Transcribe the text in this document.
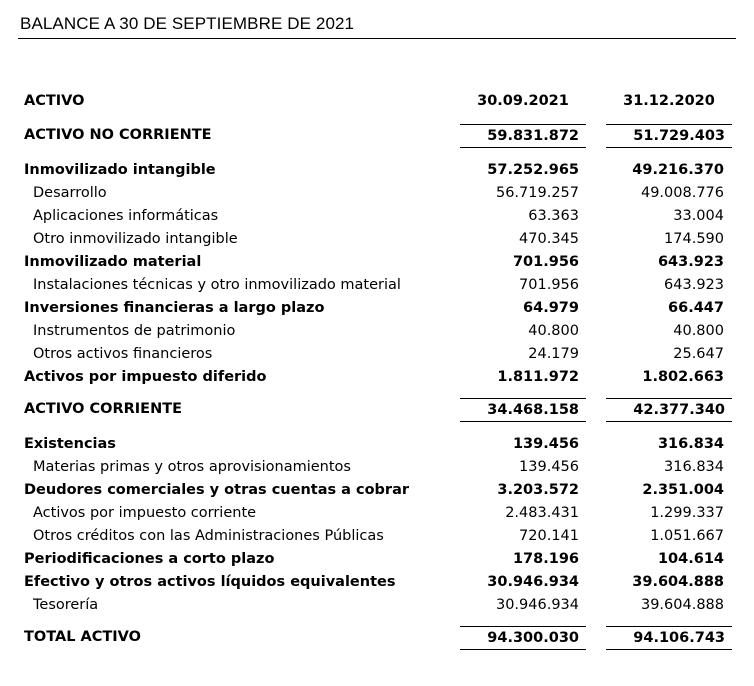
BALANCE A 30 DE SEPTIEMBRE DE 2021
ACTIVO	30.09.2021	31.12.2020
ACTIVO NO CORRIENTE	59.831.872	51.729.403
Inmovilizado intangible	57.252.965	49.216.370
Desarrollo	56.719.257	49.008.776
Aplicaciones informáticas	63.363	33.004
Otro inmovilizado intangible	470.345	174.590
Inmovilizado material	701.956	643.923
Instalaciones técnicas y otro inmovilizado material	701.956	643.923
Inversiones financieras a largo plazo	64.979	66.447
Instrumentos de patrimonio	40.800	40.800
Otros activos financieros	24.179	25.647
Activos por impuesto diferido	1.811.972	1.802.663
ACTIVO CORRIENTE	34.468.158	42.377.340
Existencias	139.456	316.834
Materias primas y otros aprovisionamientos	139.456	316.834
Deudores comerciales y otras cuentas a cobrar	3.203.572	2.351.004
Activos por impuesto corriente	2.483.431	1.299.337
Otros créditos con las Administraciones Públicas	720.141	1.051.667
Periodificaciones a corto plazo	178.196	104.614
Efectivo y otros activos líquidos equivalentes	30.946.934	39.604.888
Tesorería	30.946.934	39.604.888
TOTAL ACTIVO	94.300.030	94.106.743
